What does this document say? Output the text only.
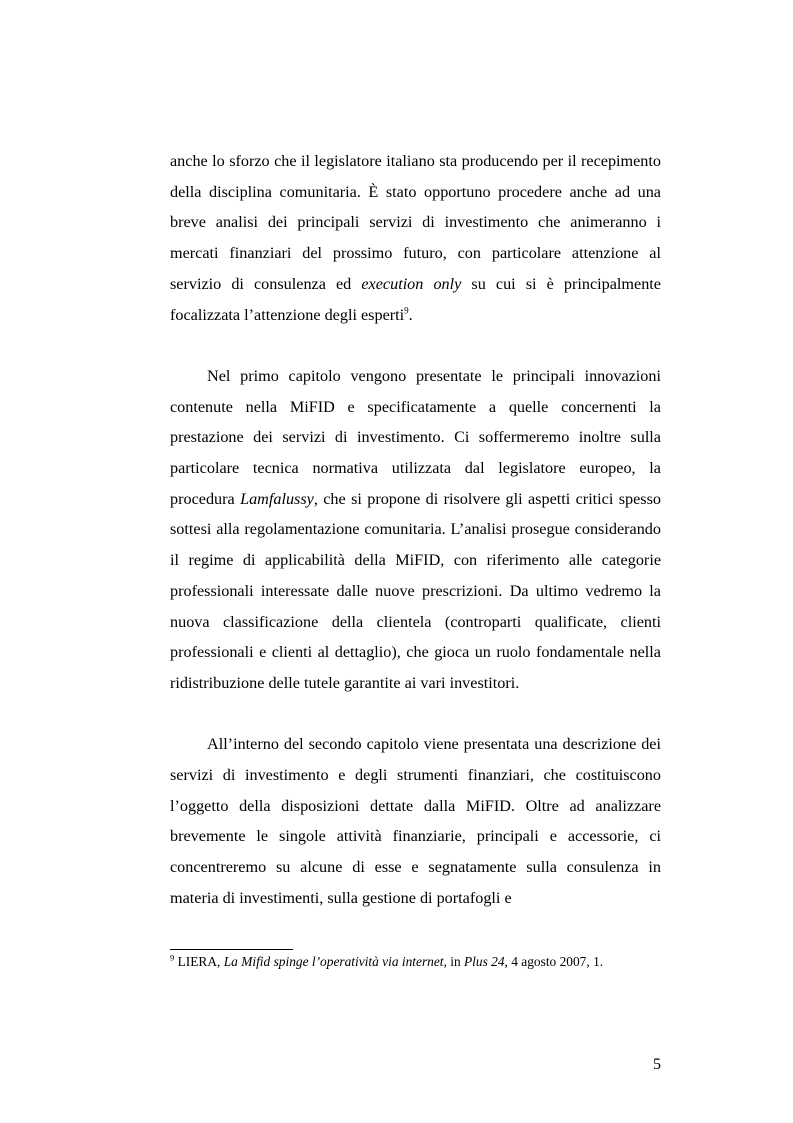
anche lo sforzo che il legislatore italiano sta producendo per il recepimento della disciplina comunitaria. È stato opportuno procedere anche ad una breve analisi dei principali servizi di investimento che animeranno i mercati finanziari del prossimo futuro, con particolare attenzione al servizio di consulenza ed execution only su cui si è principalmente focalizzata l’attenzione degli esperti$^9$.

Nel primo capitolo vengono presentate le principali innovazioni contenute nella MiFID e specificatamente a quelle concernenti la prestazione dei servizi di investimento. Ci soffermeremo inoltre sulla particolare tecnica normativa utilizzata dal legislatore europeo, la procedura Lamfalussy, che si propone di risolvere gli aspetti critici spesso sottesi alla regolamentazione comunitaria. L’analisi prosegue considerando il regime di applicabilità della MiFID, con riferimento alle categorie professionali interessate dalle nuove prescrizioni. Da ultimo vedremo la nuova classificazione della clientela (controparti qualificate, clienti professionali e clienti al dettaglio), che gioca un ruolo fondamentale nella ridistribuzione delle tutele garantite ai vari investitori.

All’interno del secondo capitolo viene presentata una descrizione dei servizi di investimento e degli strumenti finanziari, che costituiscono l’oggetto della disposizioni dettate dalla MiFID. Oltre ad analizzare brevemente le singole attività finanziarie, principali e accessorie, ci concentreremo su alcune di esse e segnatamente sulla consulenza in materia di investimenti, sulla gestione di portafogli e

$^9$ LIERA, La Mifid spinge l’operatività via internet, in Plus 24, 4 agosto 2007, 1.

5
